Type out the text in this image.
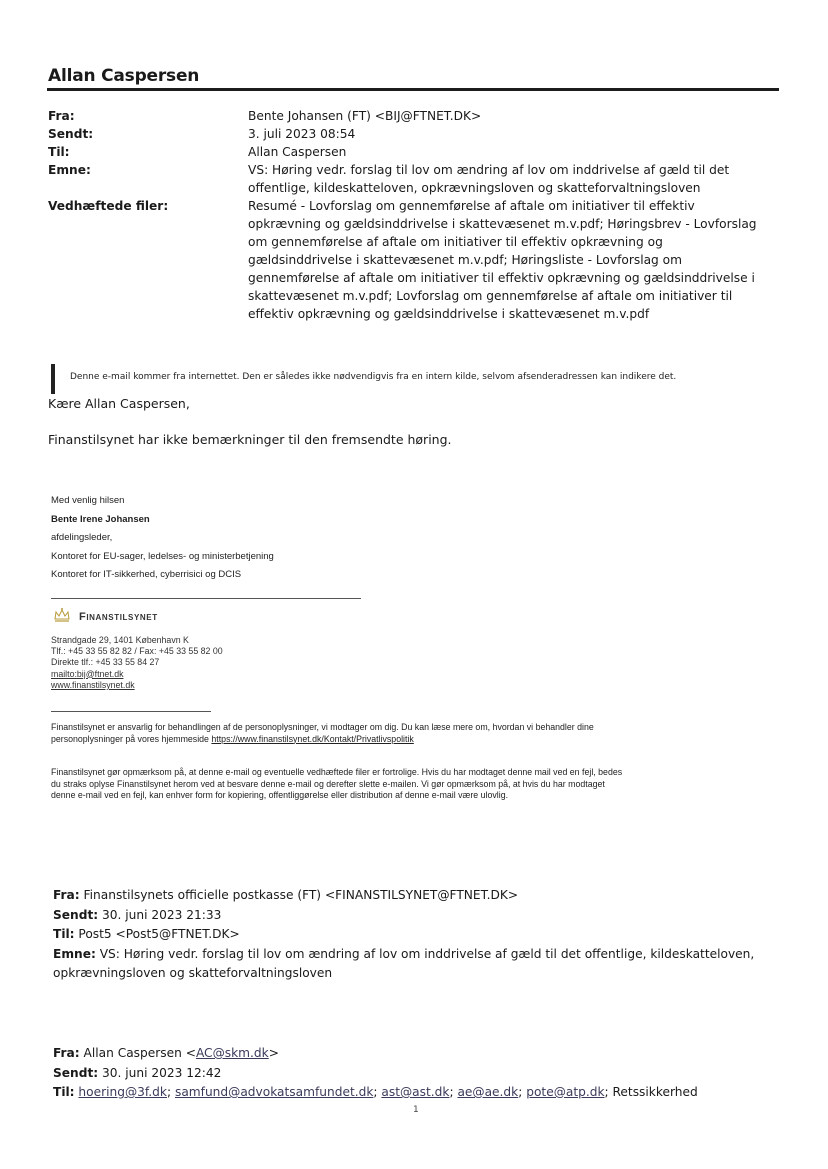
Allan Caspersen
Fra:	Bente Johansen (FT) <BIJ@FTNET.DK>
Sendt:	3. juli 2023 08:54
Til:	Allan Caspersen
Emne:	VS: Høring vedr. forslag til lov om ændring af lov om inddrivelse af gæld til det
offentlige, kildeskatteloven, opkrævningsloven og skatteforvaltningsloven
Vedhæftede filer:	Resumé - Lovforslag om gennemførelse af aftale om initiativer til effektiv
opkrævning og gældsinddrivelse i skattevæsenet m.v.pdf; Høringsbrev - Lovforslag
om gennemførelse af aftale om initiativer til effektiv opkrævning og
gældsinddrivelse i skattevæsenet m.v.pdf; Høringsliste - Lovforslag om
gennemførelse af aftale om initiativer til effektiv opkrævning og gældsinddrivelse i
skattevæsenet m.v.pdf; Lovforslag om gennemførelse af aftale om initiativer til
effektiv opkrævning og gældsinddrivelse i skattevæsenet m.v.pdf
Denne e-mail kommer fra internettet. Den er således ikke nødvendigvis fra en intern kilde, selvom afsenderadressen kan indikere det.
Kære Allan Caspersen,
Finanstilsynet har ikke bemærkninger til den fremsendte høring.
Med venlig hilsen
Bente Irene Johansen
afdelingsleder,
Kontoret for EU-sager, ledelses- og ministerbetjening
Kontoret for IT-sikkerhed, cyberrisici og DCIS
Finanstilsynet
Strandgade 29, 1401 København K
Tlf.: +45 33 55 82 82 / Fax: +45 33 55 82 00
Direkte tlf.: +45 33 55 84 27
mailto:bij@ftnet.dk
www.finanstilsynet.dk
Finanstilsynet er ansvarlig for behandlingen af de personoplysninger, vi modtager om dig. Du kan læse mere om, hvordan vi behandler dine
personoplysninger på vores hjemmeside https://www.finanstilsynet.dk/Kontakt/Privatlivspolitik
Finanstilsynet gør opmærksom på, at denne e-mail og eventuelle vedhæftede filer er fortrolige. Hvis du har modtaget denne mail ved en fejl, bedes
du straks oplyse Finanstilsynet herom ved at besvare denne e-mail og derefter slette e-mailen. Vi gør opmærksom på, at hvis du har modtaget
denne e-mail ved en fejl, kan enhver form for kopiering, offentliggørelse eller distribution af denne e-mail være ulovlig.
Fra: Finanstilsynets officielle postkasse (FT) <FINANSTILSYNET@FTNET.DK>
Sendt: 30. juni 2023 21:33
Til: Post5 <Post5@FTNET.DK>
Emne: VS: Høring vedr. forslag til lov om ændring af lov om inddrivelse af gæld til det offentlige, kildeskatteloven,
opkrævningsloven og skatteforvaltningsloven
Fra: Allan Caspersen <AC@skm.dk>
Sendt: 30. juni 2023 12:42
Til: hoering@3f.dk; samfund@advokatsamfundet.dk; ast@ast.dk; ae@ae.dk; pote@atp.dk; Retssikkerhed
1
